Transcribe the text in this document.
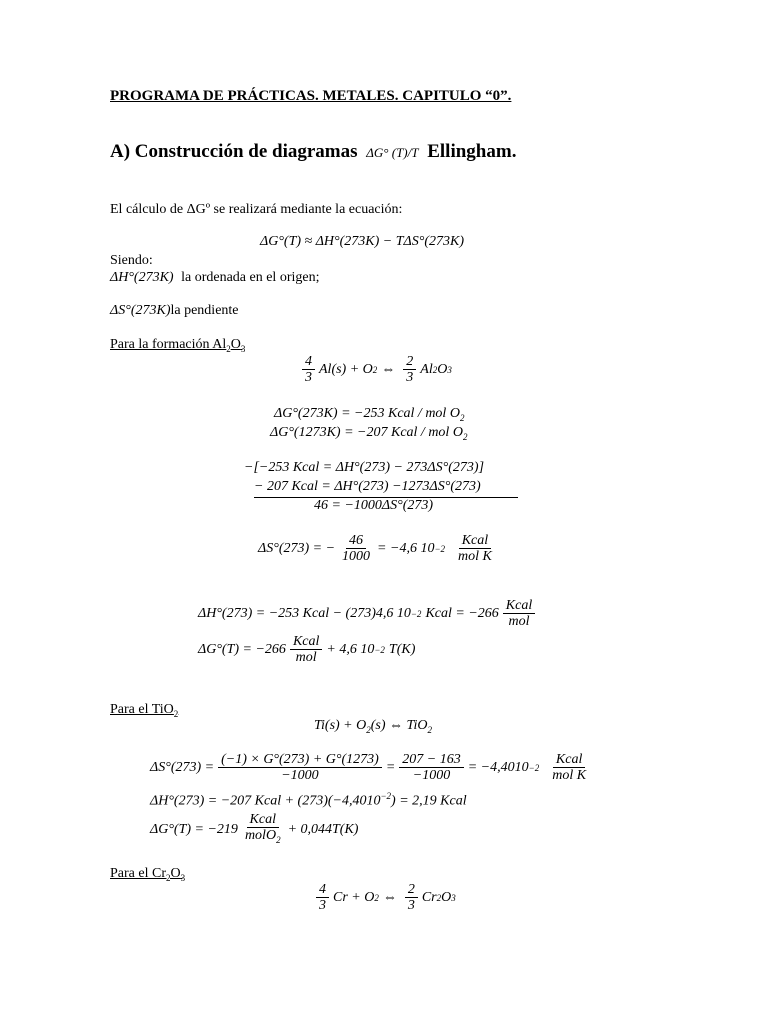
PROGRAMA DE PRÁCTICAS. METALES. CAPITULO “0”.
A) Construcción de diagramas ΔG° (T)/T Ellingham.
El cálculo de ΔGº se realizará mediante la ecuación:
ΔG°(T) ≈ ΔH°(273K) − TΔS°(273K)
Siendo:
ΔH°(273K) la ordenada en el origen;
ΔS°(273K)la pendiente
Para la formación $Al_2O_3$
$\frac{4}{3} Al(s) + O$ 2 ⇔ $\frac{2}{3}$ Al 2 O 3
ΔG°(273K) = −253 Kcal / mol $O_2$
ΔG°(1273K) = −207 Kcal / mol $O_2$
−[−253 Kcal = ΔH°(273) − 273ΔS°(273)]
− 207 Kcal = ΔH°(273) −1273ΔS°(273)
46 = −1000ΔS°(273)
ΔS°(273) = − $\frac{46}{1000} = -4,6$ $10 -2 \frac{\text{Kcal}}{\text{mol K}}$
ΔH°(273) = −253 Kcal − (273)4,6 10 −2 Kcal = $-266 \frac{\text{Kcal}}{\text{mol}}$
$\Delta G^\circ(T) = -266 \frac{\text{Kcal}}{\text{mol}} + 4,6$ 10 −2 T(K)
Para el TiO$_2$
$Ti(s) + O_2(s)$ ⇔ TiO$_2$
$\Delta S^\circ(273) = \frac{(-1) \times G^\circ(273) + G^\circ(1273)}{-1000} = \frac{207 - 163}{-1000} = -4,4010 -2 \frac{\text{Kcal}}{\text{mol K}}$
ΔH°(273) = −207 Kcal + $(273)(-4,4010^{-2}) = 2,19$ Kcal
$\Delta G^\circ(T) = -219 \frac{\text{Kcal}}{molO_2} + 0,044T(K)$
Para el $Cr_2O_3$
$\frac{4}{3}$ Cr + O 2 ⇔ $\frac{2}{3}$ Cr 2 O 3
